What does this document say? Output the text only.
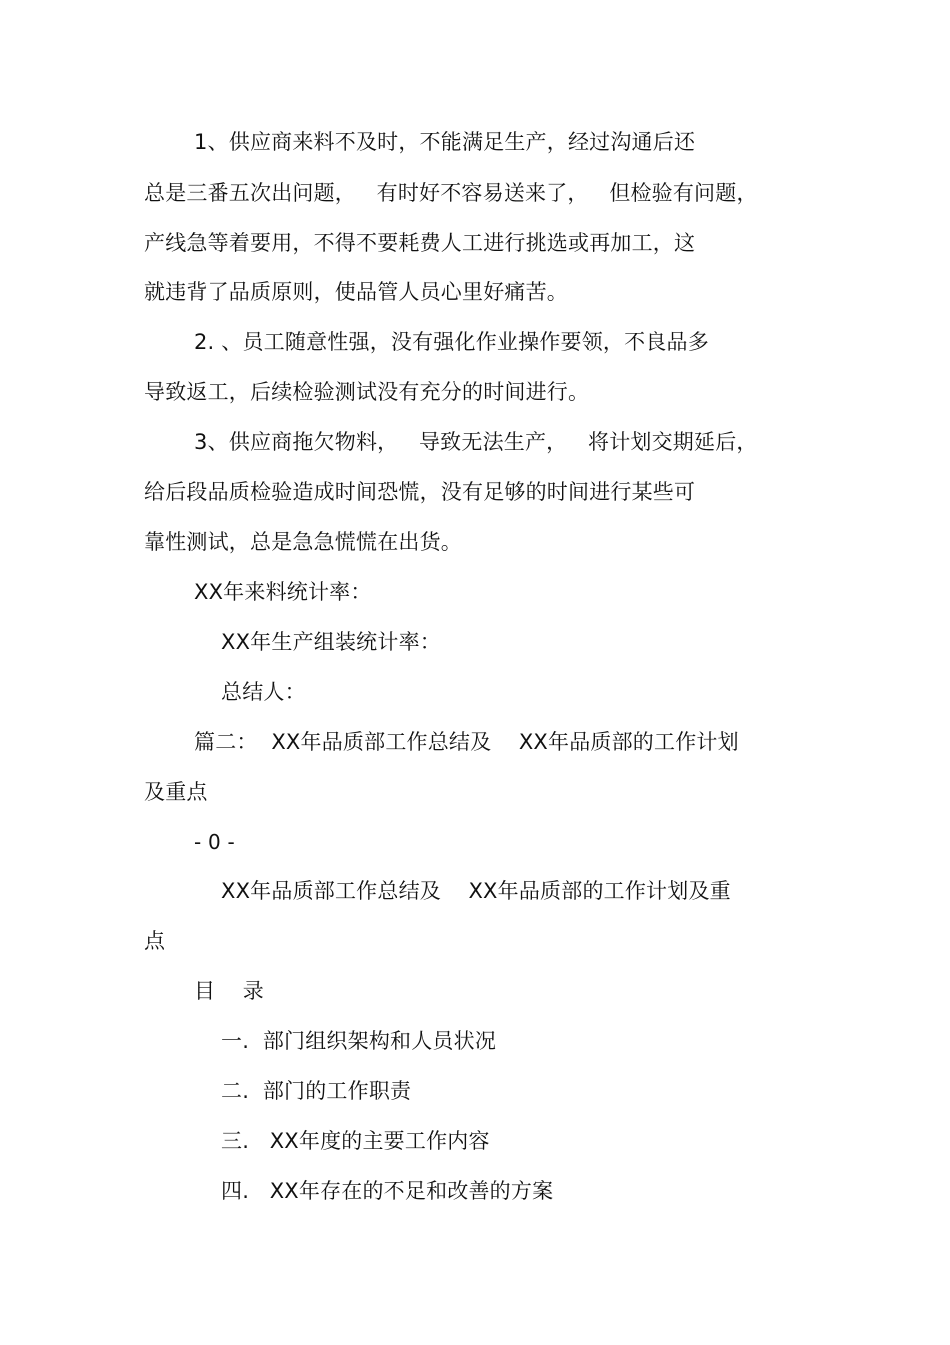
1、供应商来料不及时，不能满足生产，经过沟通后还
总是三番五次出问题，   有时好不容易送来了，   但检验有问题，
产线急等着要用，不得不要耗费人工进行挑选或再加工，这
就违背了品质原则，使品管人员心里好痛苦。
2. 、员工随意性强，没有强化作业操作要领，不良品多
导致返工，后续检验测试没有充分的时间进行。
3、供应商拖欠物料，   导致无法生产，   将计划交期延后，
给后段品质检验造成时间恐慌，没有足够的时间进行某些可
靠性测试，总是急急慌慌在出货。
XX年来料统计率：
XX年生产组装统计率：
总结人：
篇二：  XX年品质部工作总结及    XX年品质部的工作计划
及重点
- 0 -
XX年品质部工作总结及    XX年品质部的工作计划及重
点
目    录
一.  部门组织架构和人员状况
二.  部门的工作职责
三.   XX年度的主要工作内容
四.   XX年存在的不足和改善的方案
